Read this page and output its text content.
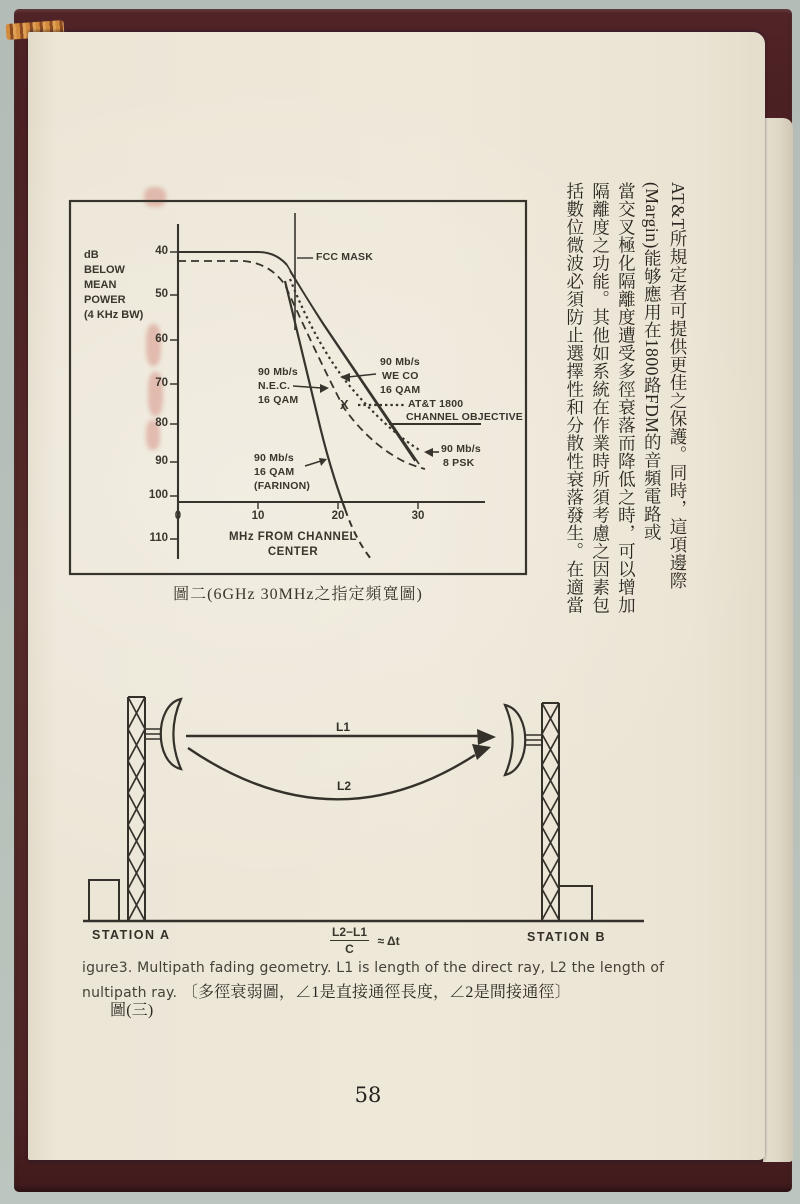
dB
BELOW
MEAN
POWER
(4 KHz BW)
40
50
60
70
80
90
100
110
0	10	20	30
MHz FROM CHANNEL
CENTER
FCC MASK
90 Mb/s
WE CO
16 QAM
90 Mb/s
N.E.C.
16 QAM	X	AT&T 1800
CHANNEL OBJECTIVE
90 Mb/s
8 PSK
90 Mb/s
16 QAM
(FARINON)
圖二(6GHz 30MHz之指定頻寬圖)

AT&T所規定者可提供更佳之保護。同時，這項邊際

(Margin)能够應用在1800路FDM的音頻電路或

當交叉極化隔離度遭受多徑衰落而降低之時，可以增加

隔離度之功能。其他如系統在作業時所須考慮之因素包

括數位微波必須防止選擇性和分散性衰落發生。在適當

L1
L2
STATION A	STATION B
$\frac{L2-L1}{C} \approx \Delta t$
igure3. Multipath fading geometry. L1 is length of the direct ray, L2 the length of
nultipath ray. 〔多徑衰弱圖，∠1是直接通徑長度，∠2是間接通徑〕
圖(三)
58
